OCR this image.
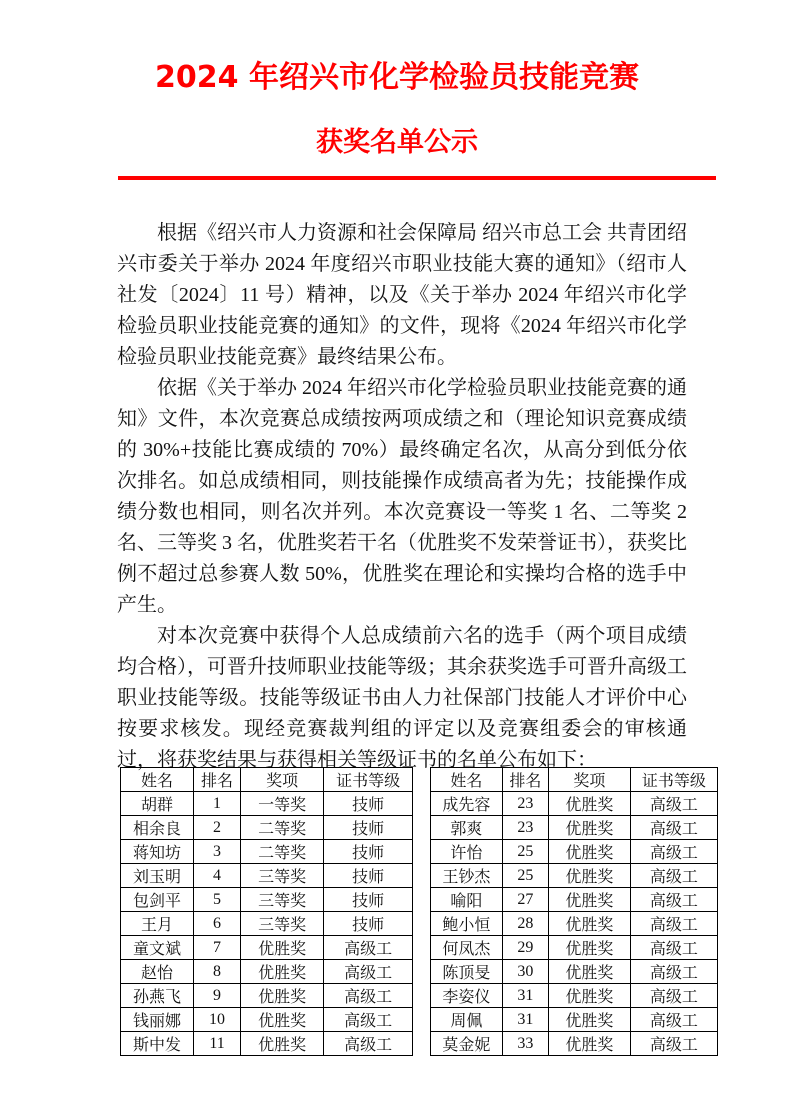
2024 年绍兴市化学检验员技能竞赛
获奖名单公示

根据《绍兴市人力资源和社会保障局 绍兴市总工会 共青团绍兴市委关于举办 2024 年度绍兴市职业技能大赛的通知》（绍市人社发〔2024〕11 号）精神，以及《关于举办 2024 年绍兴市化学检验员职业技能竞赛的通知》的文件，现将《2024 年绍兴市化学检验员职业技能竞赛》最终结果公布。

依据《关于举办 2024 年绍兴市化学检验员职业技能竞赛的通知》文件，本次竞赛总成绩按两项成绩之和（理论知识竞赛成绩的 30%+技能比赛成绩的 70%）最终确定名次，从高分到低分依次排名。如总成绩相同，则技能操作成绩高者为先；技能操作成绩分数也相同，则名次并列。本次竞赛设一等奖 1 名、二等奖 2 名、三等奖 3 名，优胜奖若干名（优胜奖不发荣誉证书），获奖比例不超过总参赛人数 50%，优胜奖在理论和实操均合格的选手中产生。

对本次竞赛中获得个人总成绩前六名的选手（两个项目成绩均合格），可晋升技师职业技能等级；其余获奖选手可晋升高级工职业技能等级。技能等级证书由人力社保部门技能人才评价中心按要求核发。现经竞赛裁判组的评定以及竞赛组委会的审核通过，将获奖结果与获得相关等级证书的名单公布如下：

姓名	排名	奖项	证书等级
胡群	1	一等奖	技师
相余良	2	二等奖	技师
蒋知坊	3	二等奖	技师
刘玉明	4	三等奖	技师
包剑平	5	三等奖	技师
王月	6	三等奖	技师
童文斌	7	优胜奖	高级工
赵怡	8	优胜奖	高级工
孙燕飞	9	优胜奖	高级工
钱丽娜	10	优胜奖	高级工
斯中发	11	优胜奖	高级工
姓名	排名	奖项	证书等级
成先容	23	优胜奖	高级工
郭爽	23	优胜奖	高级工
许怡	25	优胜奖	高级工
王钞杰	25	优胜奖	高级工
喻阳	27	优胜奖	高级工
鲍小恒	28	优胜奖	高级工
何凤杰	29	优胜奖	高级工
陈顶旻	30	优胜奖	高级工
李姿仪	31	优胜奖	高级工
周佩	31	优胜奖	高级工
莫金妮	33	优胜奖	高级工
